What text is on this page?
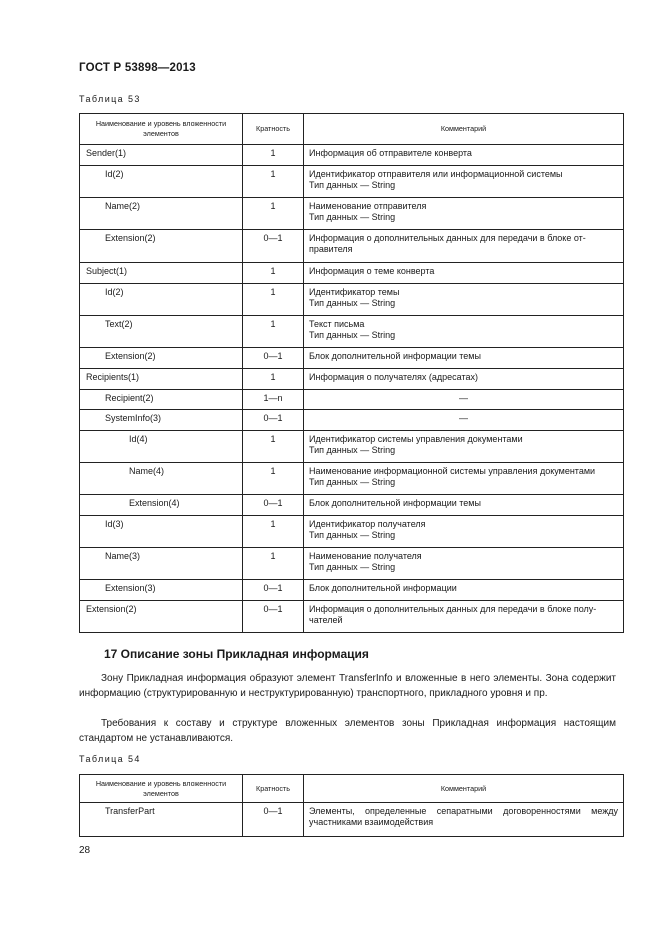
ГОСТ Р 53898—2013
Таблица 53
Наименование и уровень вложенности элементов	Кратность	Комментарий
Sender(1)	1	Информация об отправителе конверта

Id(2)	1	Идентификатор отправителя или информационной системы
Тип данных — String

Name(2)	1	Наименование отправителя
Тип данных — String

Extension(2)	0—1	Информация о дополнительных данных для передачи в блоке от-
правителя

Subject(1)	1	Информация о теме конверта

Id(2)	1	Идентификатор темы
Тип данных — String

Text(2)	1	Текст письма
Тип данных — String

Extension(2)	0—1	Блок дополнительной информации темы

Recipients(1)	1	Информация о получателях (адресатах)

Recipient(2)	1—n	—

SystemInfo(3)	0—1	—

Id(4)	1	Идентификатор системы управления документами
Тип данных — String

Name(4)	1	Наименование информационной системы управления документами
Тип данных — String

Extension(4)	0—1	Блок дополнительной информации темы

Id(3)	1	Идентификатор получателя
Тип данных — String

Name(3)	1	Наименование получателя
Тип данных — String

Extension(3)	0—1	Блок дополнительной информации

Extension(2)	0—1	Информация о дополнительных данных для передачи в блоке полу-
чателей
17 Описание зоны Прикладная информация

Зону Прикладная информация образуют элемент TransferInfo и вложенные в него элементы. Зона содержит информацию (структурированную и неструктурированную) транспортного, прикладного уровня и пр.

Требования к составу и структуре вложенных элементов зоны Прикладная информация настоящим стандартом не устанавливаются.

Таблица 54
Наименование и уровень вложенности элементов	Кратность	Комментарий
TransferPart	0—1	Элементы, определенные сепаратными договоренностями между участниками взаимодействия
28
